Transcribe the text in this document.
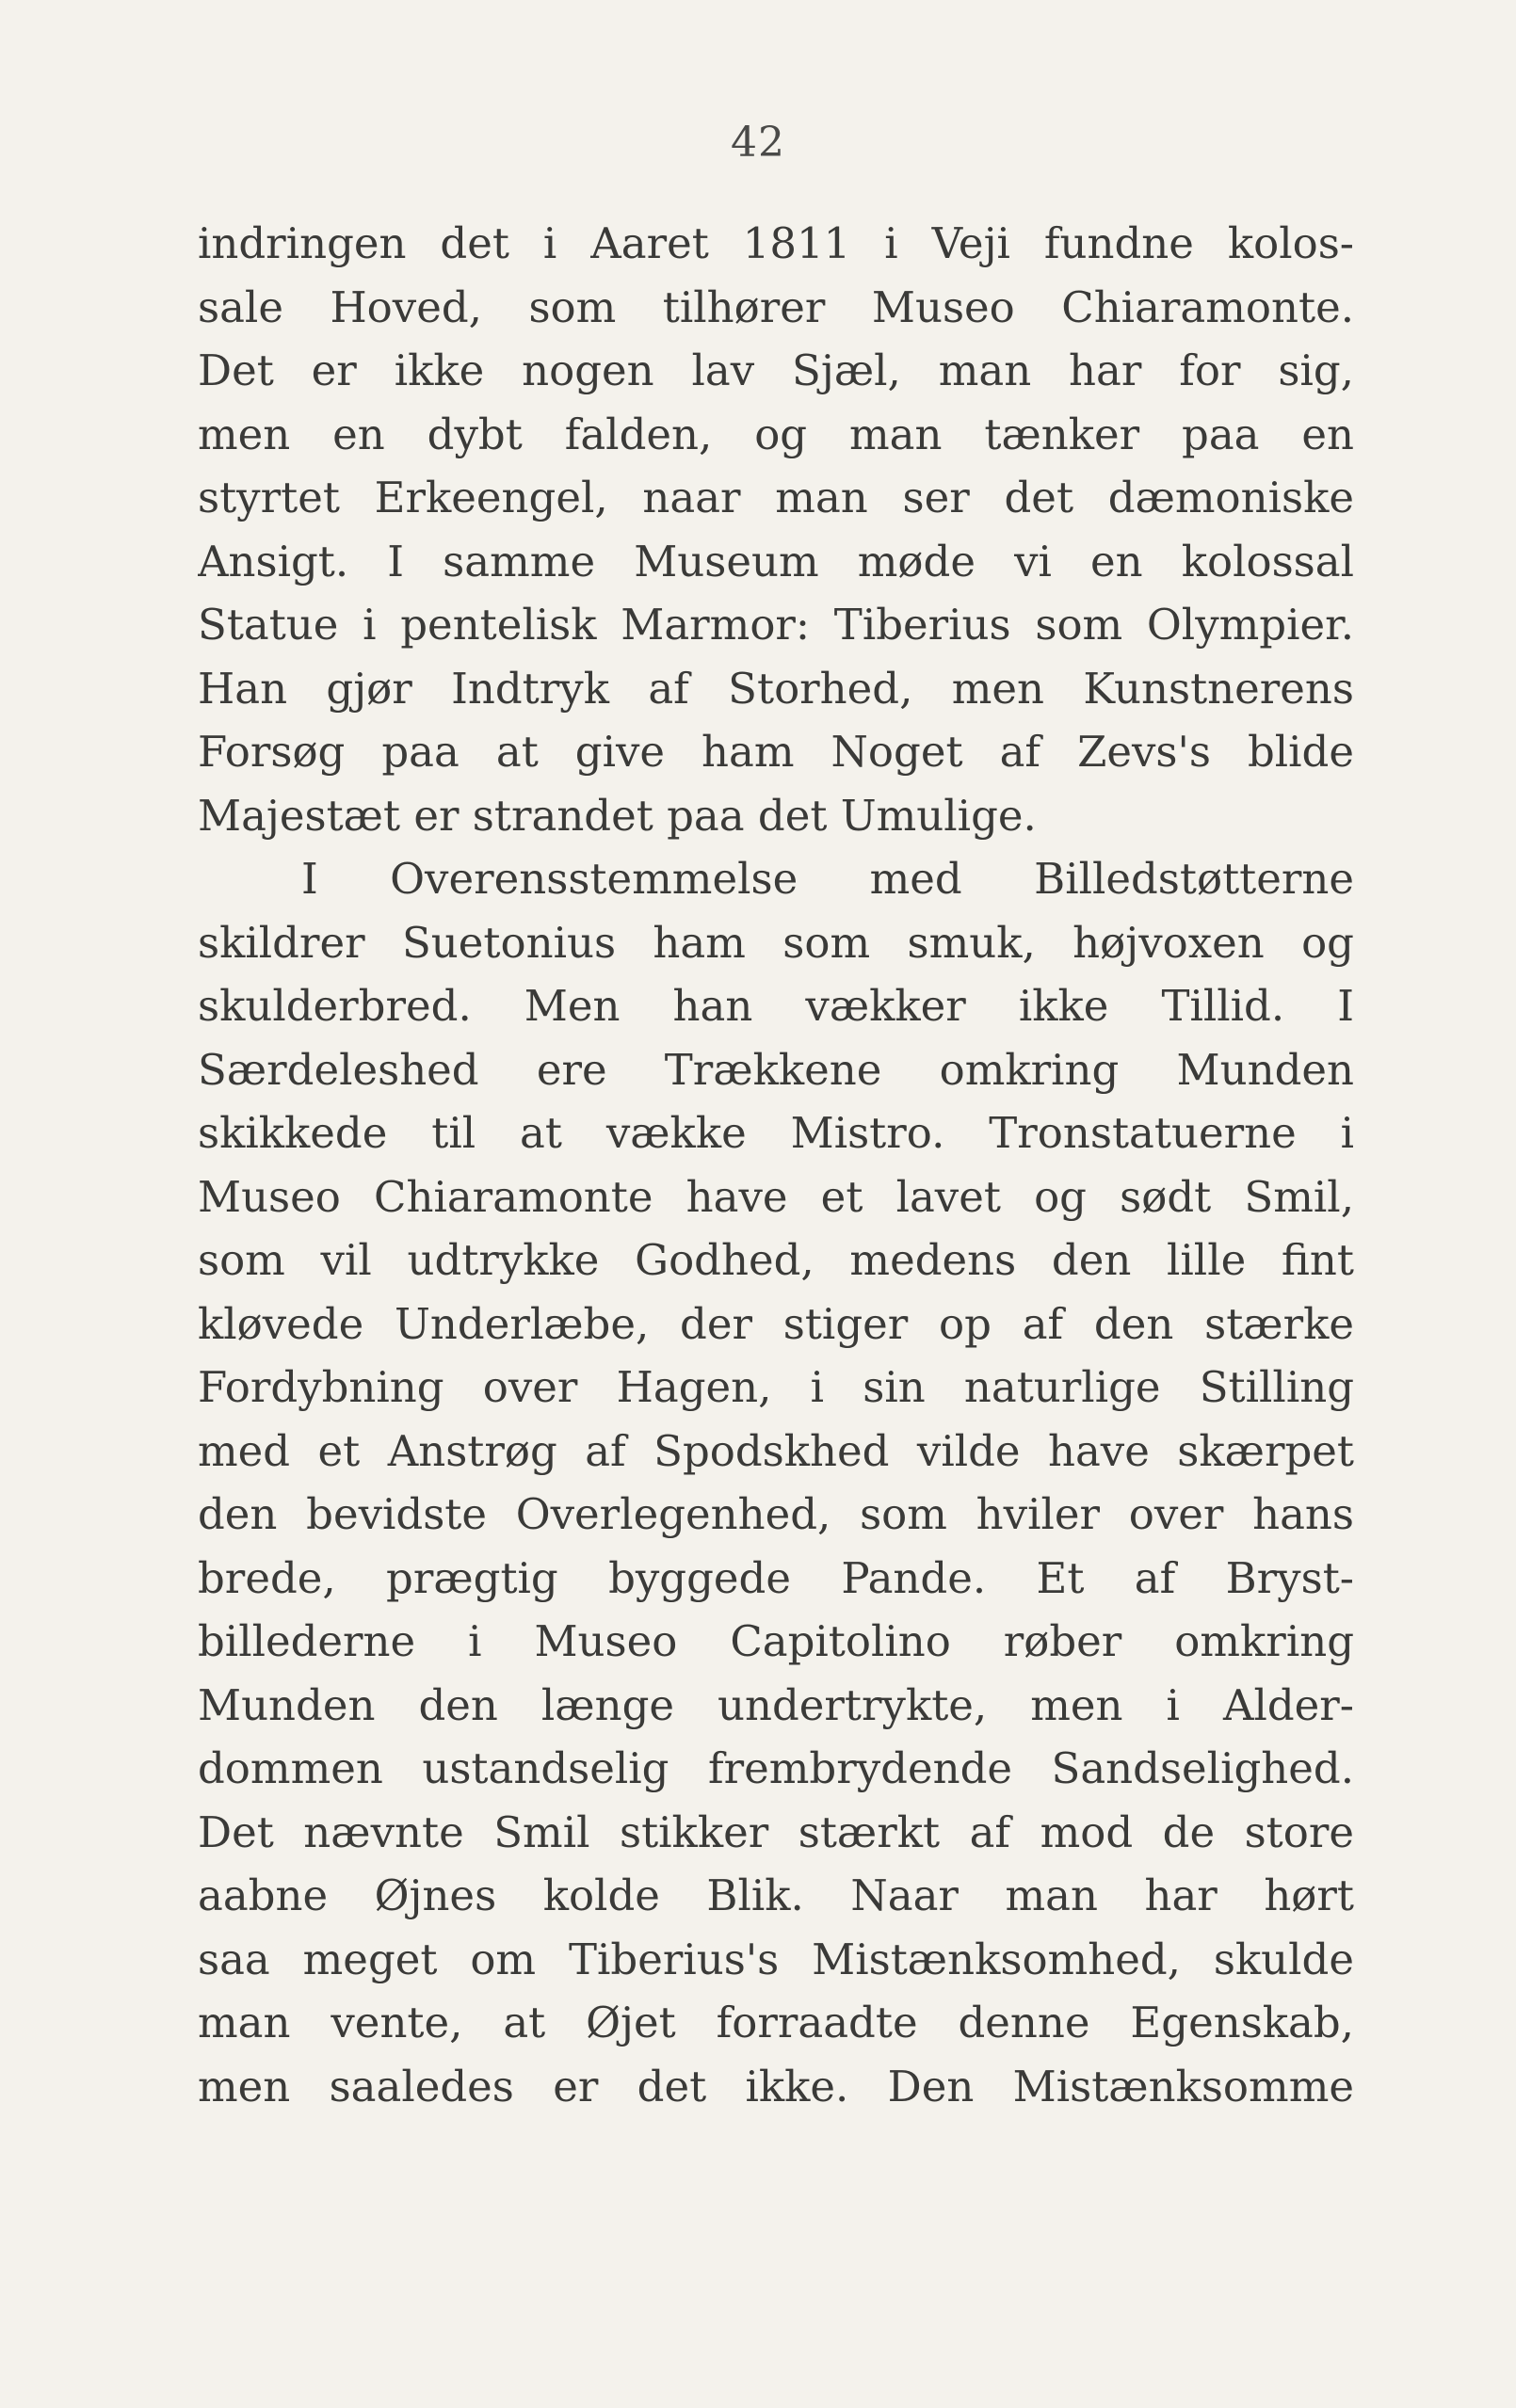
42
indringen det i Aaret 1811 i Veji fundne kolos-
sale Hoved, som tilhører Museo Chiaramonte.
Det er ikke nogen lav Sjæl, man har for sig,
men en dybt falden, og man tænker paa en
styrtet Erkeengel, naar man ser det dæmoniske
Ansigt. I samme Museum møde vi en kolossal
Statue i pentelisk Marmor: Tiberius som Olympier.
Han gjør Indtryk af Storhed, men Kunstnerens
Forsøg paa at give ham Noget af Zevs's blide
Majestæt er strandet paa det Umulige.
I Overensstemmelse med Billedstøtterne
skildrer Suetonius ham som smuk, højvoxen og
skulderbred. Men han vækker ikke Tillid. I
Særdeleshed ere Trækkene omkring Munden
skikkede til at vække Mistro. Tronstatuerne i
Museo Chiaramonte have et lavet og sødt Smil,
som vil udtrykke Godhed, medens den lille fint
kløvede Underlæbe, der stiger op af den stærke
Fordybning over Hagen, i sin naturlige Stilling
med et Anstrøg af Spodskhed vilde have skærpet
den bevidste Overlegenhed, som hviler over hans
brede, prægtig byggede Pande. Et af Bryst-
billederne i Museo Capitolino røber omkring
Munden den længe undertrykte, men i Alder-
dommen ustandselig frembrydende Sandselighed.
Det nævnte Smil stikker stærkt af mod de store
aabne Øjnes kolde Blik. Naar man har hørt
saa meget om Tiberius's Mistænksomhed, skulde
man vente, at Øjet forraadte denne Egenskab,
men saaledes er det ikke. Den Mistænksomme
